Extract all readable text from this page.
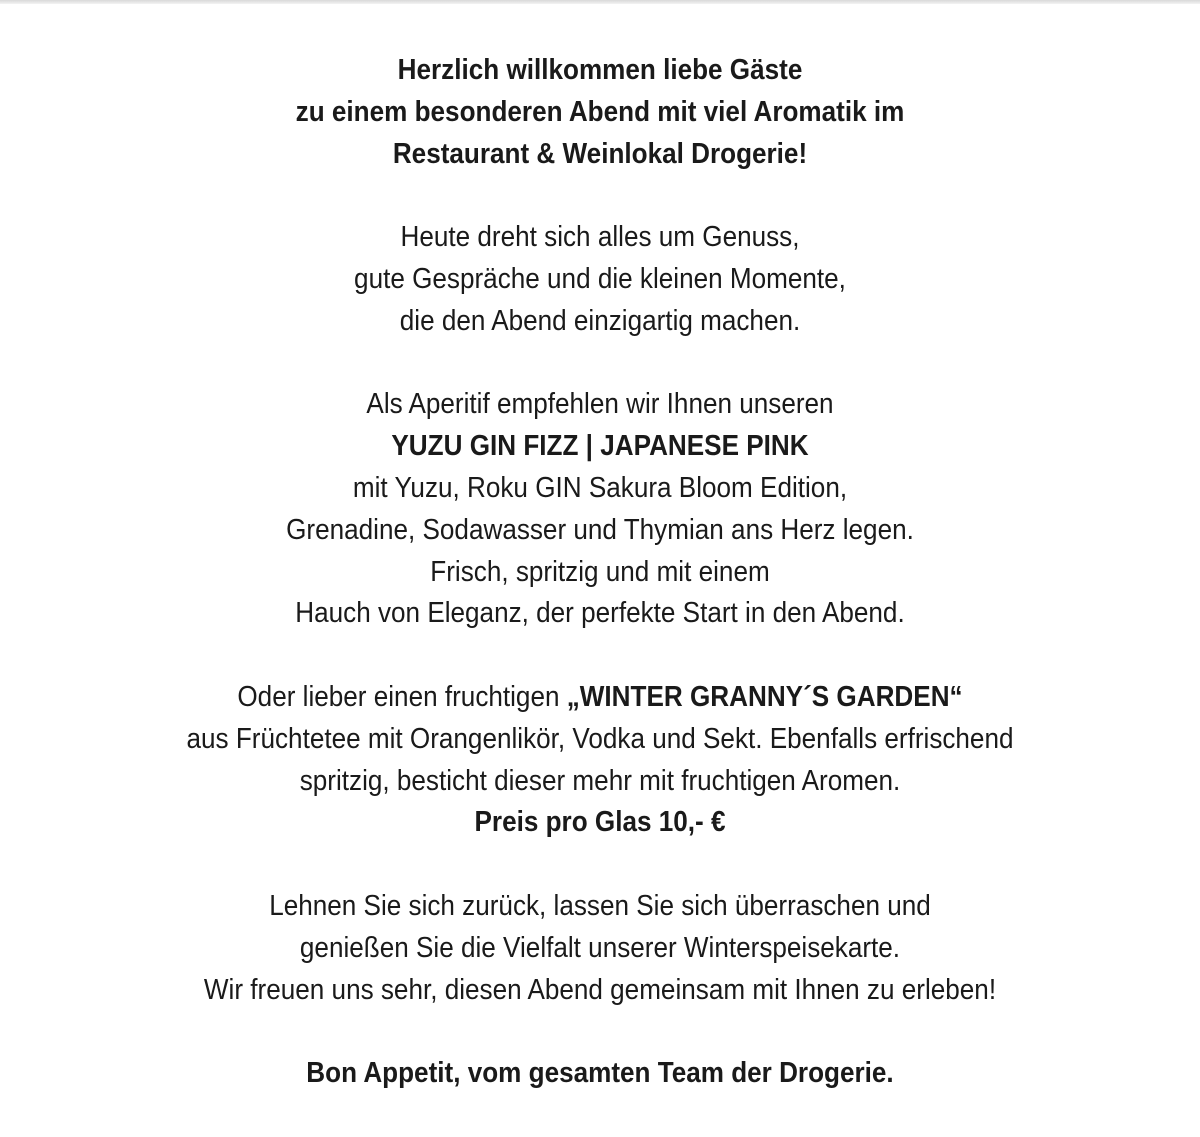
Herzlich willkommen liebe Gäste
zu einem besonderen Abend mit viel Aromatik im
Restaurant & Weinlokal Drogerie!
Heute dreht sich alles um Genuss,
gute Gespräche und die kleinen Momente,
die den Abend einzigartig machen.
Als Aperitif empfehlen wir Ihnen unseren
YUZU GIN FIZZ | JAPANESE PINK
mit Yuzu, Roku GIN Sakura Bloom Edition,
Grenadine, Sodawasser und Thymian ans Herz legen.
Frisch, spritzig und mit einem
Hauch von Eleganz, der perfekte Start in den Abend.
Oder lieber einen fruchtigen „WINTER GRANNY´S GARDEN“
aus Früchtetee mit Orangenlikör, Vodka und Sekt. Ebenfalls erfrischend
spritzig, besticht dieser mehr mit fruchtigen Aromen.
Preis pro Glas 10,- €
Lehnen Sie sich zurück, lassen Sie sich überraschen und
genießen Sie die Vielfalt unserer Winterspeisekarte.
Wir freuen uns sehr, diesen Abend gemeinsam mit Ihnen zu erleben!
Bon Appetit, vom gesamten Team der Drogerie.
